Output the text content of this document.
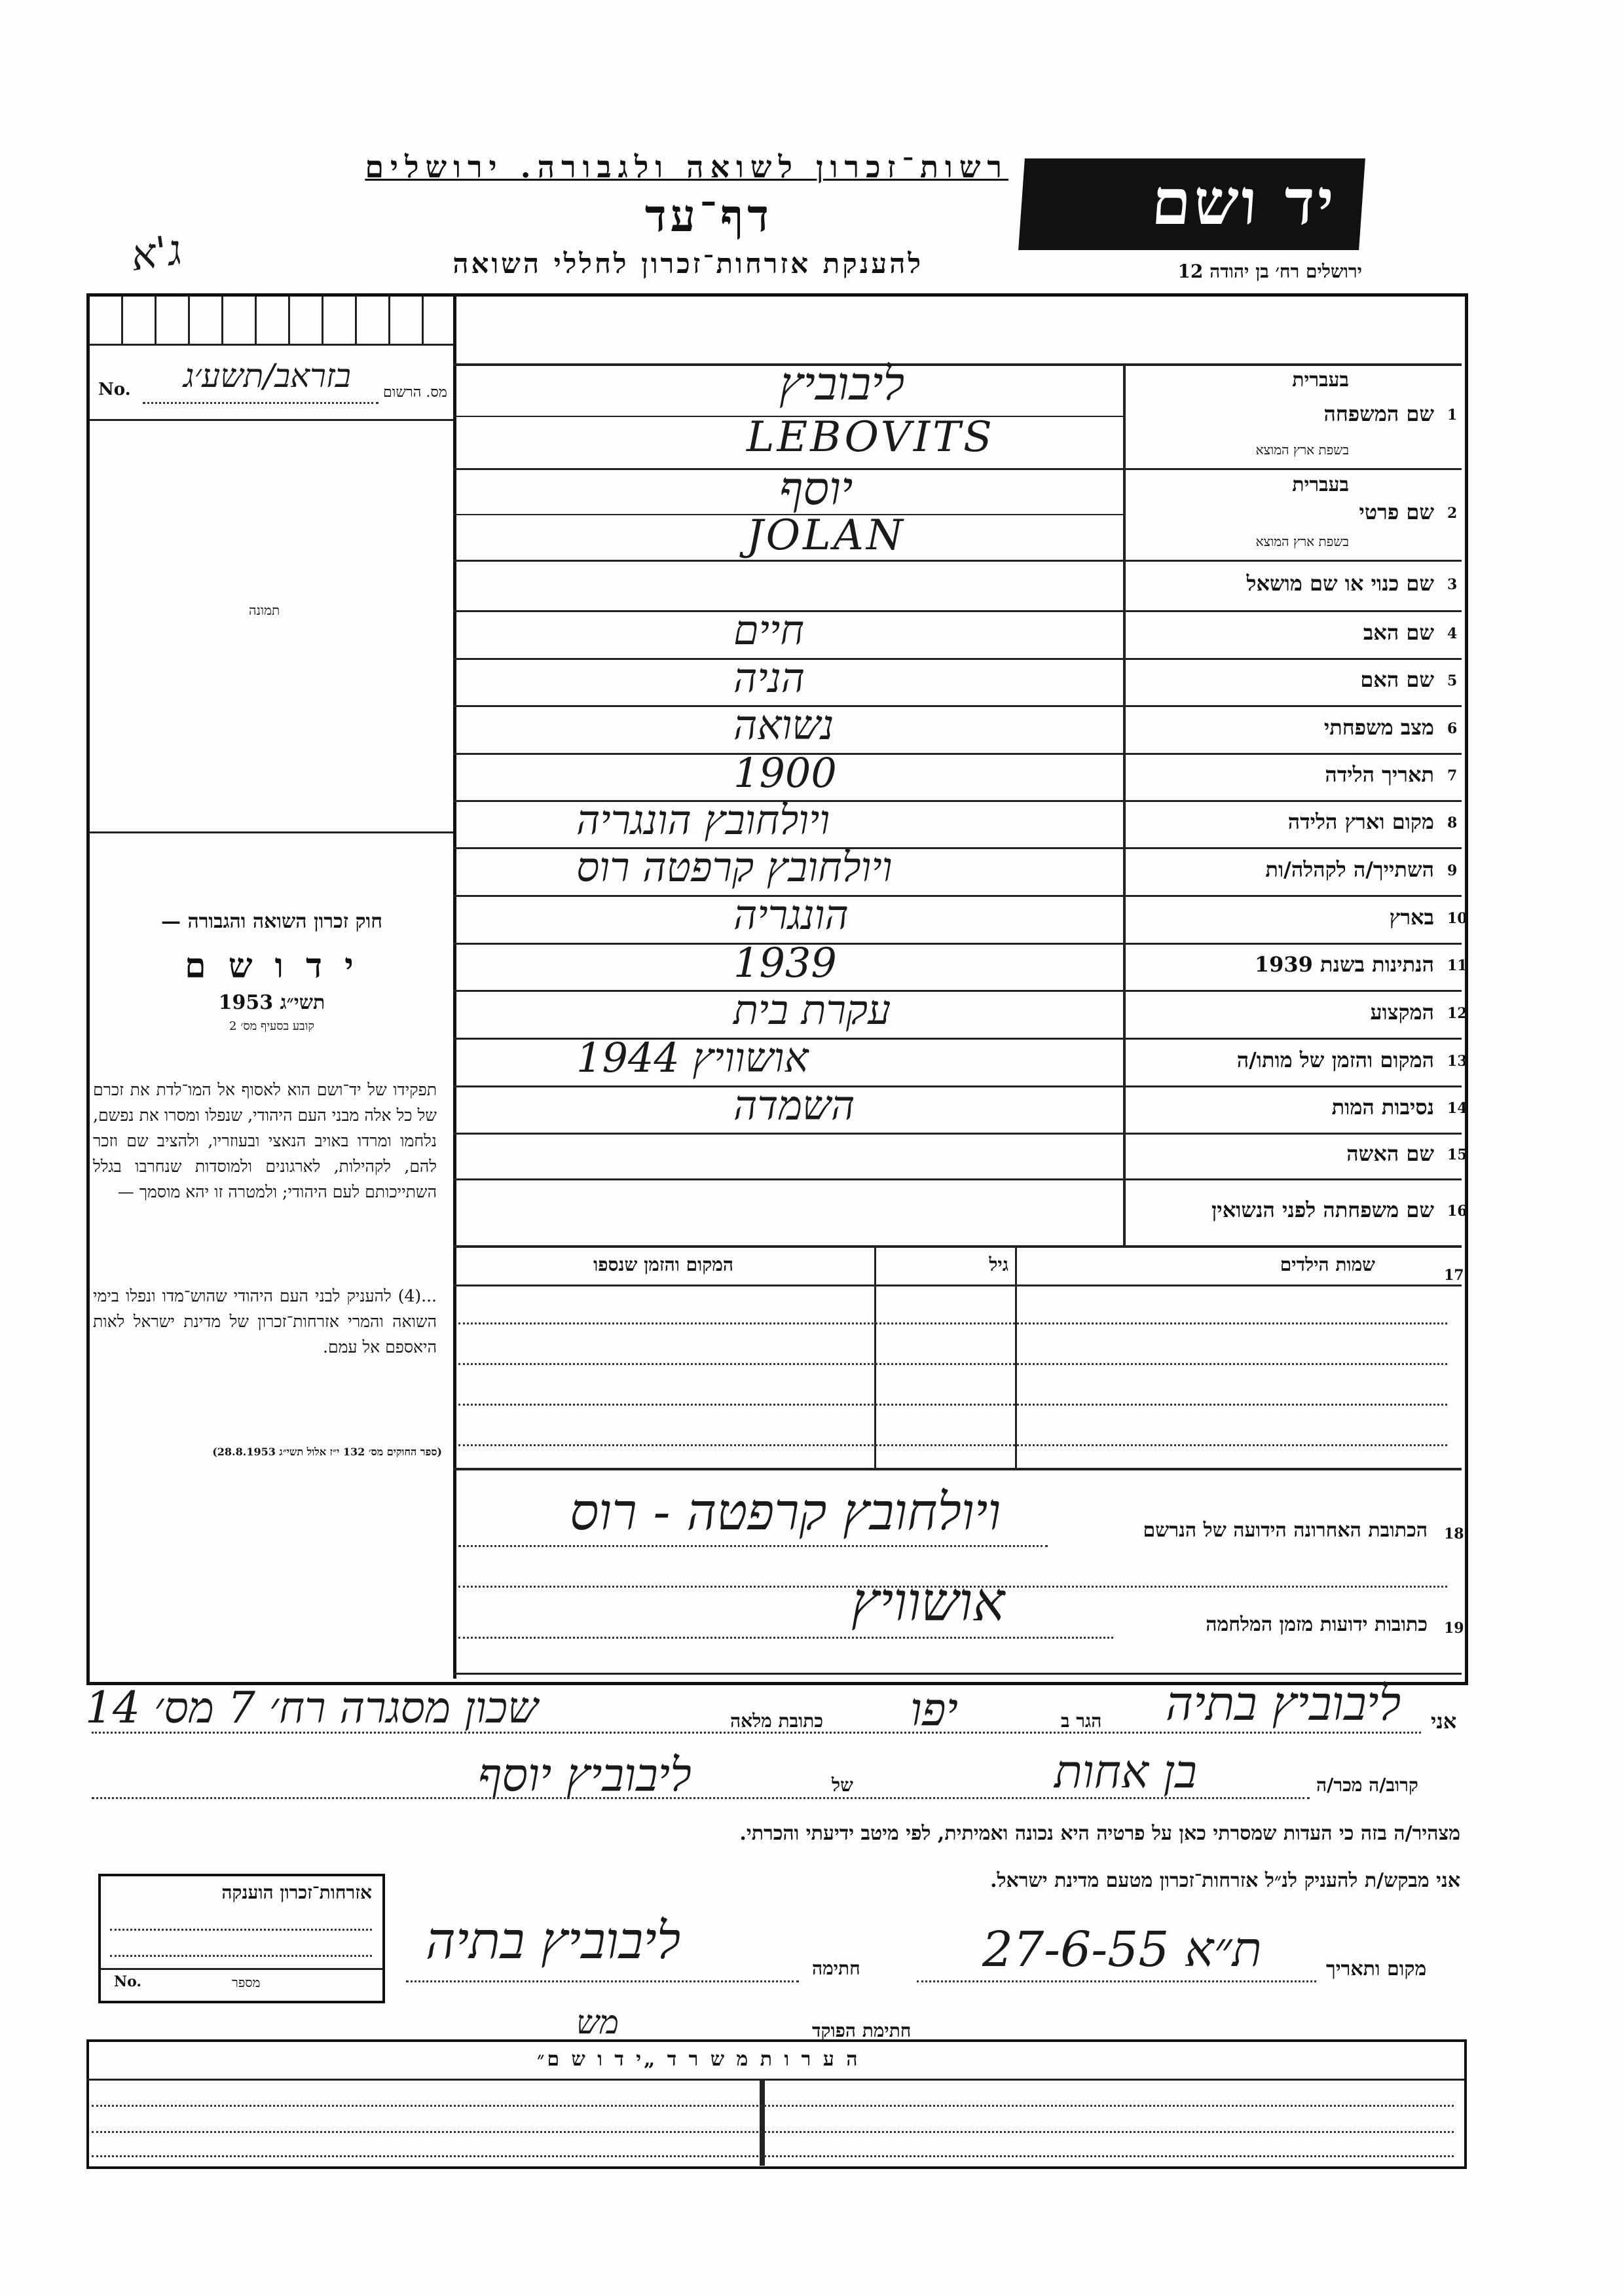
רשות־זכרון לשואה ולגבורה. ירושלים
דף־עד
להענקת אזרחות־זכרון לחללי השואה
ג'א
יד ושם
ירושלים רח׳ בן יהודה 12
No.	מס. הרשום
בזראב/תשע׳ג
תמונה

חוק זכרון השואה והגבורה —

י ד ו ש ם

תשי״ג 1953

קובע בסעיף מס׳ 2

תפקידו של יד־ושם הוא לאסוף אל המו־לדת את זכרם של כל אלה מבני העם היהודי, שנפלו ומסרו את נפשם, נלחמו ומרדו באויב הנאצי ובעוזריו, ולהציב שם וזכר להם, לקהילות, לארגונים ולמוסדות שנחרבו בגלל השתייכותם לעם היהודי; ולמטרה זו יהא מוסמך —
...(4) להעניק לבני העם היהודי שהוש־מדו ונפלו בימי השואה והמרי אזרחות־זכרון של מדינת ישראל לאות היאספם אל עמם.
(ספר החוקים מס׳ 132 י״ז אלול תשי״ג 28.8.1953)
1
שם המשפחה
בעברית
בשפת ארץ המוצא
LEBOVITS
ליבוביץ
2
שם פרטי
בעברית
בשפת ארץ המוצא
JOLAN
יוסף
3
שם כנוי או שם מושאל
4
שם האב
חיים
5
שם האם
הניה
6
מצב משפחתי
נשואה
7
תאריך הלידה
1900
8
מקום וארץ הלידה
ויולחובץ הונגריה
9
השתייך/ה לקהלה/ות
ויולחובץ קרפטה רוס
10
בארץ
הונגריה
11
הנתינות בשנת 1939
1939
12
המקצוע
עקרת בית
13
המקום והזמן של מותו/ה
אושוויץ 1944
14
נסיבות המות
השמדה
15
שם האשה
16
שם משפחתה לפני הנשואין
17
שמות הילדים
גיל
המקום והזמן שנספו
18
הכתובת האחרונה הידועה של הנרשם
ויולחובץ קרפטה - רוס
19
כתובות ידועות מזמן המלחמה
אושוויץ
אני
ליבוביץ בתיה
הגר ב
יפו
כתובת מלאה
שכון מסגרה רח׳ 7 מס׳ 14
קרוב/ה מכר/ה
בן אחות
של
ליבוביץ יוסף
מצהיר/ה בזה כי העדות שמסרתי כאן על פרטיה היא נכונה ואמיתית, לפי מיטב ידיעתי והכרתי.
אני מבקש/ת להעניק לנ״ל אזרחות־זכרון מטעם מדינת ישראל.
אזרחות־זכרון הוענקה
No.	מספר
מקום ותאריך
ת״א 27-6-55
חתימה
ליבוביץ בתיה
חתימת הפוקד
מש
ה ע ר ו ת מ ש ר ד „י ד ו ש ם״
